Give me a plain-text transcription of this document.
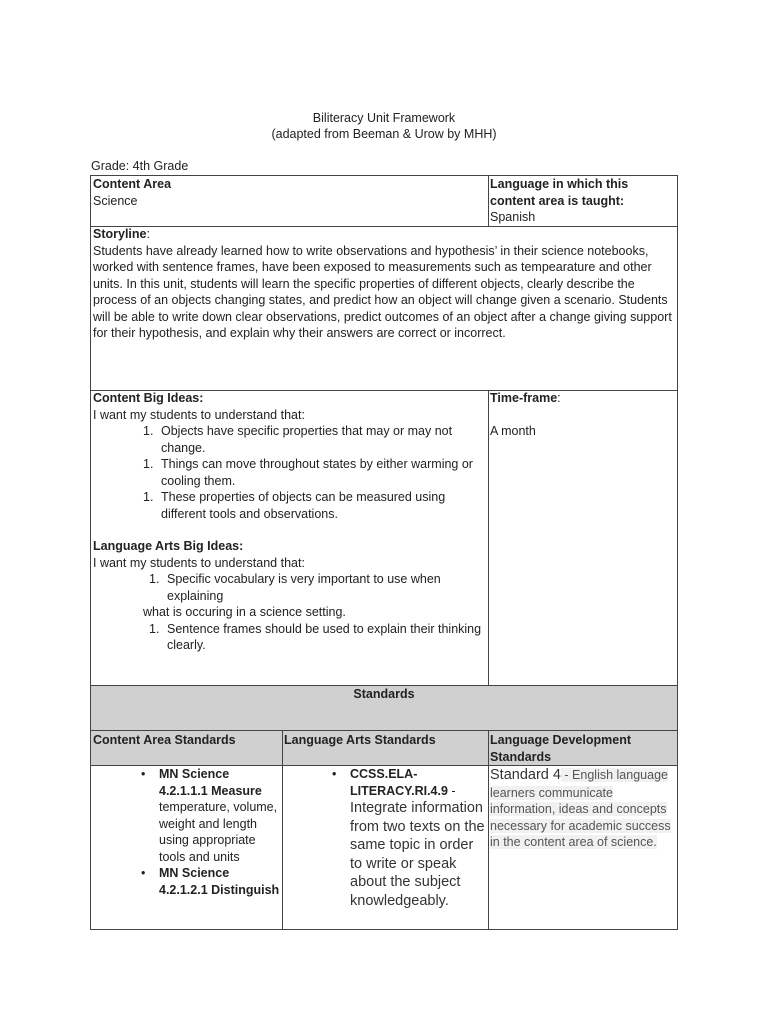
Biliteracy Unit Framework
(adapted from Beeman & Urow by MHH)
Grade: 4th Grade
Content Area
Science
Language in which this content area is taught:
Spanish
Storyline:
Students have already learned how to write observations and hypothesis’ in their science notebooks, worked with sentence frames, have been exposed to measurements such as tempearature and other units. In this unit, students will learn the specific properties of different objects, clearly describe the process of an objects changing states, and predict how an object will change given a scenario. Students will be able to write down clear observations, predict outcomes of an object after a change giving support for their hypothesis, and explain why their answers are correct or incorrect.
Content Big Ideas:
I want my students to understand that:
1. Objects have specific properties that may or may not change.
1. Things can move throughout states by either warming or cooling them.
1. These properties of objects can be measured using different tools and observations.
Language Arts Big Ideas:
I want my students to understand that:
1. Specific vocabulary is very important to use when explaining
what is occuring in a science setting.
1. Sentence frames should be used to explain their thinking clearly.
Time-frame:
A month
Standards
Content Area Standards	Language Arts Standards	Language Development Standards
• MN Science 4.2.1.1.1 Measure temperature, volume, weight and length using appropriate tools and units
• MN Science 4.2.1.2.1 Distinguish
• CCSS.ELA-LITERACY.RI.4.9 - Integrate information from two texts on the same topic in order to write or speak about the subject knowledgeably.
Standard 4 - English language learners communicate information, ideas and concepts necessary for academic success in the content area of science.
